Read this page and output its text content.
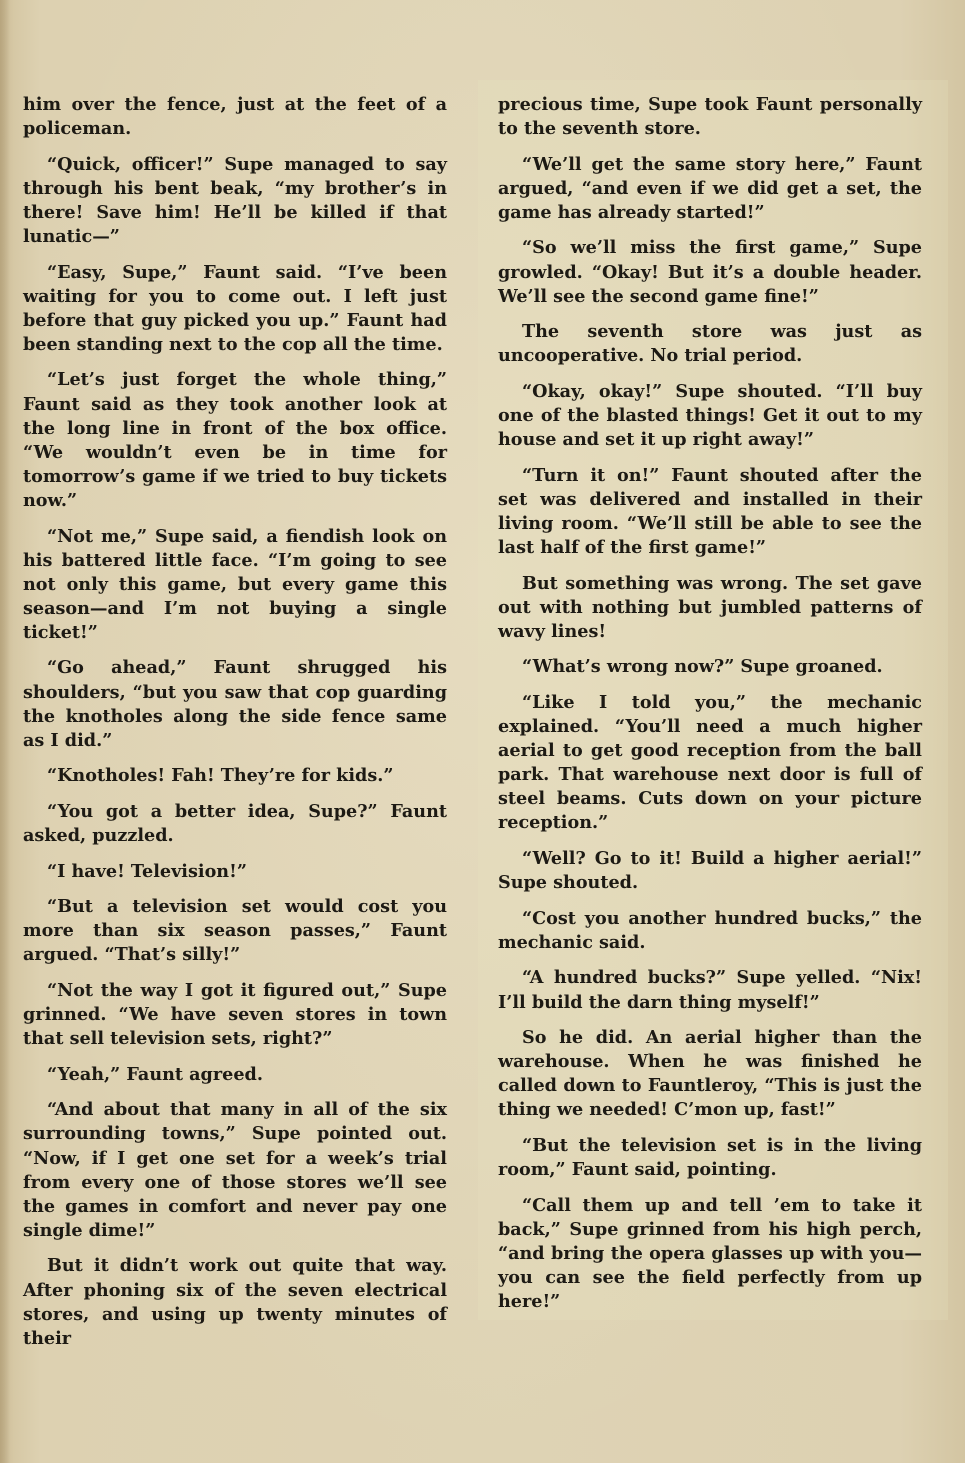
him over the fence, just at the feet of a policeman.

“Quick, officer!” Supe managed to say through his bent beak, “my brother’s in there! Save him! He’ll be killed if that lunatic—”

“Easy, Supe,” Faunt said. “I’ve been waiting for you to come out. I left just before that guy picked you up.” Faunt had been standing next to the cop all the time.

“Let’s just forget the whole thing,” Faunt said as they took another look at the long line in front of the box office. “We wouldn’t even be in time for tomorrow’s game if we tried to buy tickets now.”

“Not me,” Supe said, a fiendish look on his battered little face. “I’m going to see not only this game, but every game this season—and I’m not buying a single ticket!”

“Go ahead,” Faunt shrugged his shoulders, “but you saw that cop guarding the knotholes along the side fence same as I did.”

“Knotholes! Fah! They’re for kids.”

“You got a better idea, Supe?” Faunt asked, puzzled.

“I have! Television!”

“But a television set would cost you more than six season passes,” Faunt argued. “That’s silly!”

“Not the way I got it figured out,” Supe grinned. “We have seven stores in town that sell television sets, right?”

“Yeah,” Faunt agreed.

“And about that many in all of the six surrounding towns,” Supe pointed out. “Now, if I get one set for a week’s trial from every one of those stores we’ll see the games in comfort and never pay one single dime!”

But it didn’t work out quite that way. After phoning six of the seven electrical stores, and using up twenty minutes of their

precious time, Supe took Faunt personally to the seventh store.

“We’ll get the same story here,” Faunt argued, “and even if we did get a set, the game has already started!”

“So we’ll miss the first game,” Supe growled. “Okay! But it’s a double header. We’ll see the second game fine!”

The seventh store was just as uncooperative. No trial period.

“Okay, okay!” Supe shouted. “I’ll buy one of the blasted things! Get it out to my house and set it up right away!”

“Turn it on!” Faunt shouted after the set was delivered and installed in their living room. “We’ll still be able to see the last half of the first game!”

But something was wrong. The set gave out with nothing but jumbled patterns of wavy lines!

“What’s wrong now?” Supe groaned.

“Like I told you,” the mechanic explained. “You’ll need a much higher aerial to get good reception from the ball park. That warehouse next door is full of steel beams. Cuts down on your picture reception.”

“Well? Go to it! Build a higher aerial!” Supe shouted.

“Cost you another hundred bucks,” the mechanic said.

“A hundred bucks?” Supe yelled. “Nix! I’ll build the darn thing myself!”

So he did. An aerial higher than the warehouse. When he was finished he called down to Fauntleroy, “This is just the thing we needed! C’mon up, fast!”

“But the television set is in the living room,” Faunt said, pointing.

“Call them up and tell ’em to take it back,” Supe grinned from his high perch, “and bring the opera glasses up with you—you can see the field perfectly from up here!”
